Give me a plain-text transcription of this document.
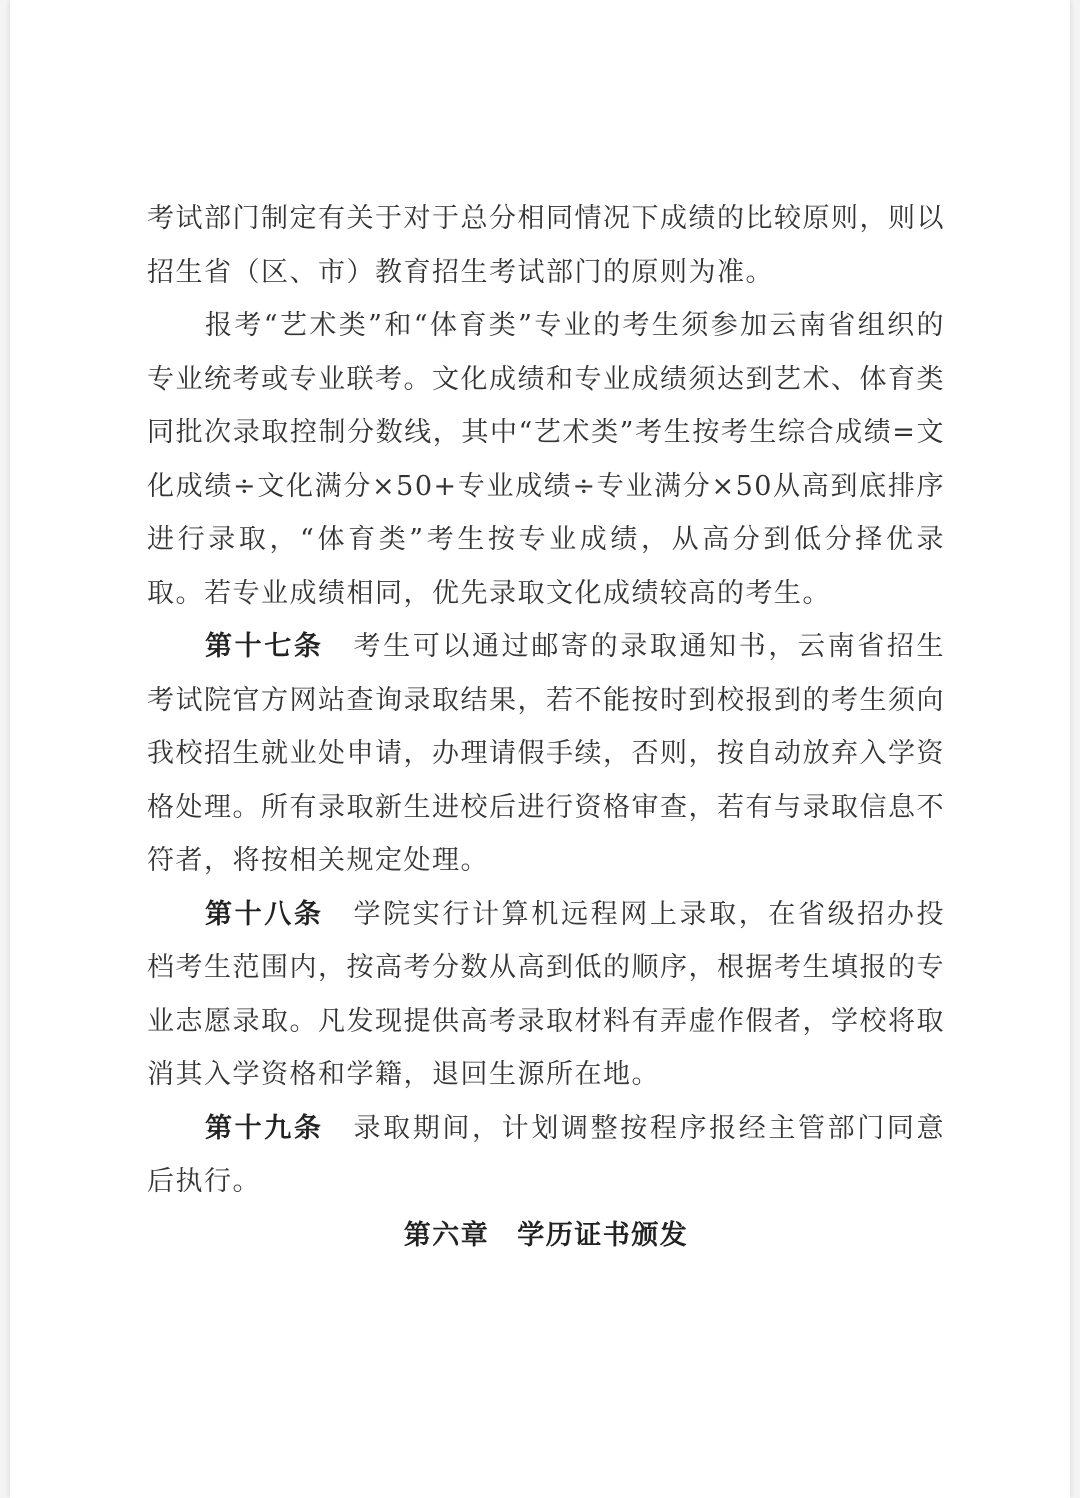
考试部门制定有关于对于总分相同情况下成绩的比较原则，则以招生省（区、市）教育招生考试部门的原则为准。

报考“艺术类”和“体育类”专业的考生须参加云南省组织的专业统考或专业联考。文化成绩和专业成绩须达到艺术、体育类同批次录取控制分数线，其中“艺术类”考生按考生综合成绩=文化成绩÷文化满分×50+专业成绩÷专业满分×50从高到底排序进行录取，“体育类”考生按专业成绩，从高分到低分择优录取。若专业成绩相同，优先录取文化成绩较高的考生。

第十七条 考生可以通过邮寄的录取通知书，云南省招生考试院官方网站查询录取结果，若不能按时到校报到的考生须向我校招生就业处申请，办理请假手续，否则，按自动放弃入学资格处理。所有录取新生进校后进行资格审查，若有与录取信息不符者，将按相关规定处理。

第十八条 学院实行计算机远程网上录取，在省级招办投档考生范围内，按高考分数从高到低的顺序，根据考生填报的专业志愿录取。凡发现提供高考录取材料有弄虚作假者，学校将取消其入学资格和学籍，退回生源所在地。

第十九条 录取期间，计划调整按程序报经主管部门同意后执行。

第六章 学历证书颁发
